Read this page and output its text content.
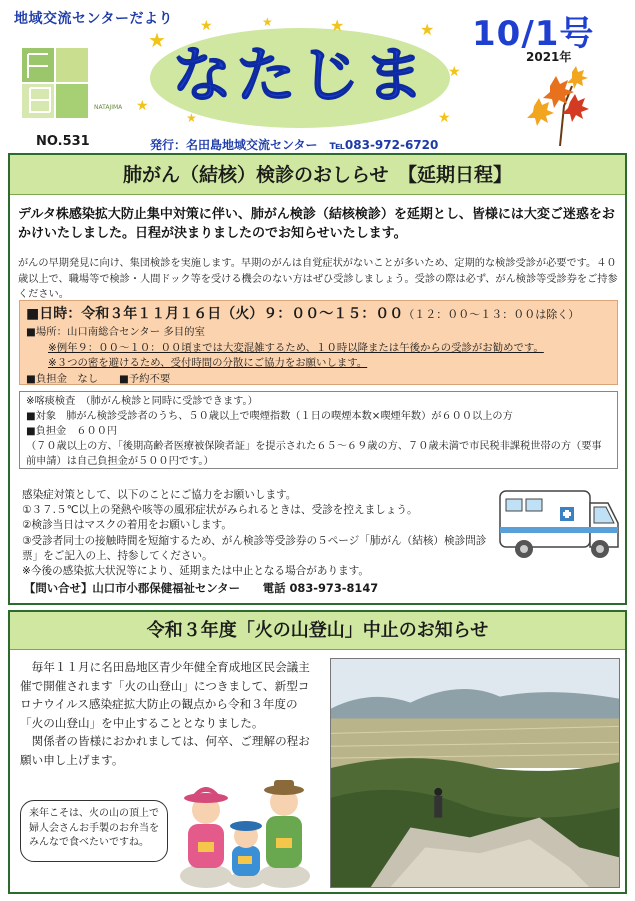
地域交流センターだより
NATAJIMA
NO.531
なたじま
★
★	★	★	★
★
★
★	★
発行：名田島地域交流センター　℡083-972-6720
10/1号
2021年
肺がん（結核）検診のおしらせ　【延期日程】
デルタ株感染拡大防止集中対策に伴い、肺がん検診（結核検診）を延期とし、皆様には大変ご迷惑をおかけいたしました。日程が決まりましたのでお知らせいたします。
がんの早期発見に向け、集団検診を実施します。早期のがんは自覚症状がないことが多いため、定期的な検診受診が必要です。４０歳以上で、職場等で検診・人間ドック等を受ける機会のない方はぜひ受診しましょう。受診の際は必ず、がん検診等受診券をご持参ください。
■日時：令和３年１１月１６日（火）９：００～１５：００（１２：００～１３：００は除く）
■場所：山口南総合センター 多目的室
※例年９：００～１０：００頃までは大変混雑するため、１０時以降または午後からの受診がお勧めです。
※３つの密を避けるため、受付時間の分散にご協力をお願いします。
■負担金　なし　　■予約不要
※喀痰検査　（肺がん検診と同時に受診できます。）
■対象　肺がん検診受診者のうち、５０歳以上で喫煙指数（１日の喫煙本数×喫煙年数）が６００以上の方
■負担金　６００円
（７０歳以上の方、「後期高齢者医療被保険者証」を提示された６５～６９歳の方、７０歳未満で市民税非課税世帯の方（要事前申請）は自己負担金が５００円です。）
感染症対策として、以下のことにご協力をお願いします。
①３７.５℃以上の発熱や咳等の風邪症状がみられるときは、受診を控えましょう。
②検診当日はマスクの着用をお願いします。
③受診者同士の接触時間を短縮するため、がん検診等受診券の５ページ「肺がん（結核）検診問診票」をご記入の上、持参してください。
※今後の感染拡大状況等により、延期または中止となる場合があります。
【問い合せ】山口市小郡保健福祉センター　　電話 083-973-8147
令和３年度「火の山登山」中止のお知らせ

毎年１１月に名田島地区青少年健全育成地区民会議主催で開催されます「火の山登山」につきまして、新型コロナウイルス感染症拡大防止の観点から令和３年度の「火の山登山」を中止することとなりました。

関係者の皆様におかれましては、何卒、ご理解の程お願い申し上げます。

来年こそは、火の山の頂上で婦人会さんお手製のお弁当をみんなで食べたいですね。
